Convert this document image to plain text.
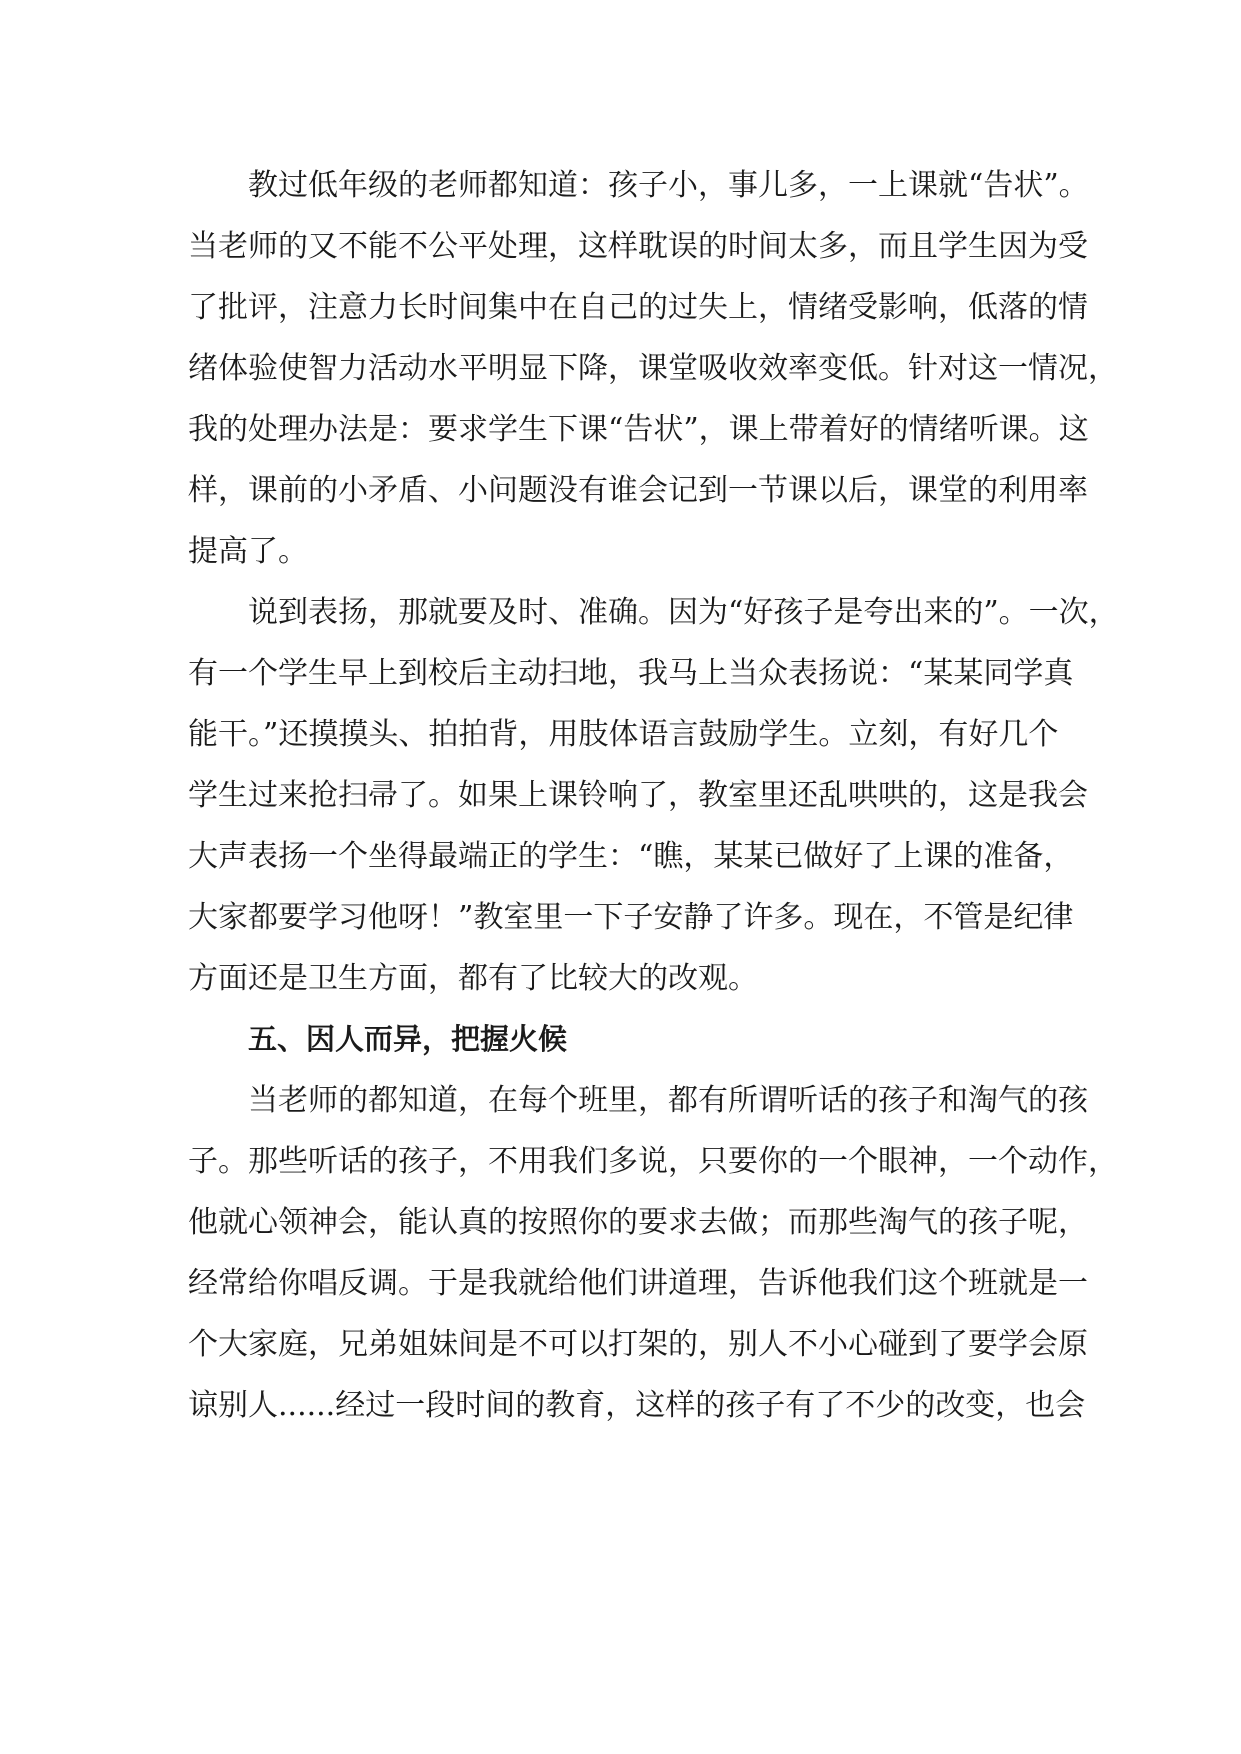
教过低年级的老师都知道：孩子小，事儿多，一上课就“告状”。
当老师的又不能不公平处理，这样耽误的时间太多，而且学生因为受
了批评，注意力长时间集中在自己的过失上，情绪受影响，低落的情
绪体验使智力活动水平明显下降，课堂吸收效率变低。针对这一情况，
我的处理办法是：要求学生下课“告状”，课上带着好的情绪听课。这
样，课前的小矛盾、小问题没有谁会记到一节课以后，课堂的利用率
提高了。
说到表扬，那就要及时、准确。因为“好孩子是夸出来的”。一次，
有一个学生早上到校后主动扫地，我马上当众表扬说：“某某同学真
能干。”还摸摸头、拍拍背，用肢体语言鼓励学生。立刻，有好几个
学生过来抢扫帚了。如果上课铃响了，教室里还乱哄哄的，这是我会
大声表扬一个坐得最端正的学生：“瞧，某某已做好了上课的准备，
大家都要学习他呀！”教室里一下子安静了许多。现在，不管是纪律
方面还是卫生方面，都有了比较大的改观。
五、因人而异，把握火候
当老师的都知道，在每个班里，都有所谓听话的孩子和淘气的孩
子。那些听话的孩子，不用我们多说，只要你的一个眼神，一个动作，
他就心领神会，能认真的按照你的要求去做；而那些淘气的孩子呢，
经常给你唱反调。于是我就给他们讲道理，告诉他我们这个班就是一
个大家庭，兄弟姐妹间是不可以打架的，别人不小心碰到了要学会原
谅别人......经过一段时间的教育，这样的孩子有了不少的改变，也会
